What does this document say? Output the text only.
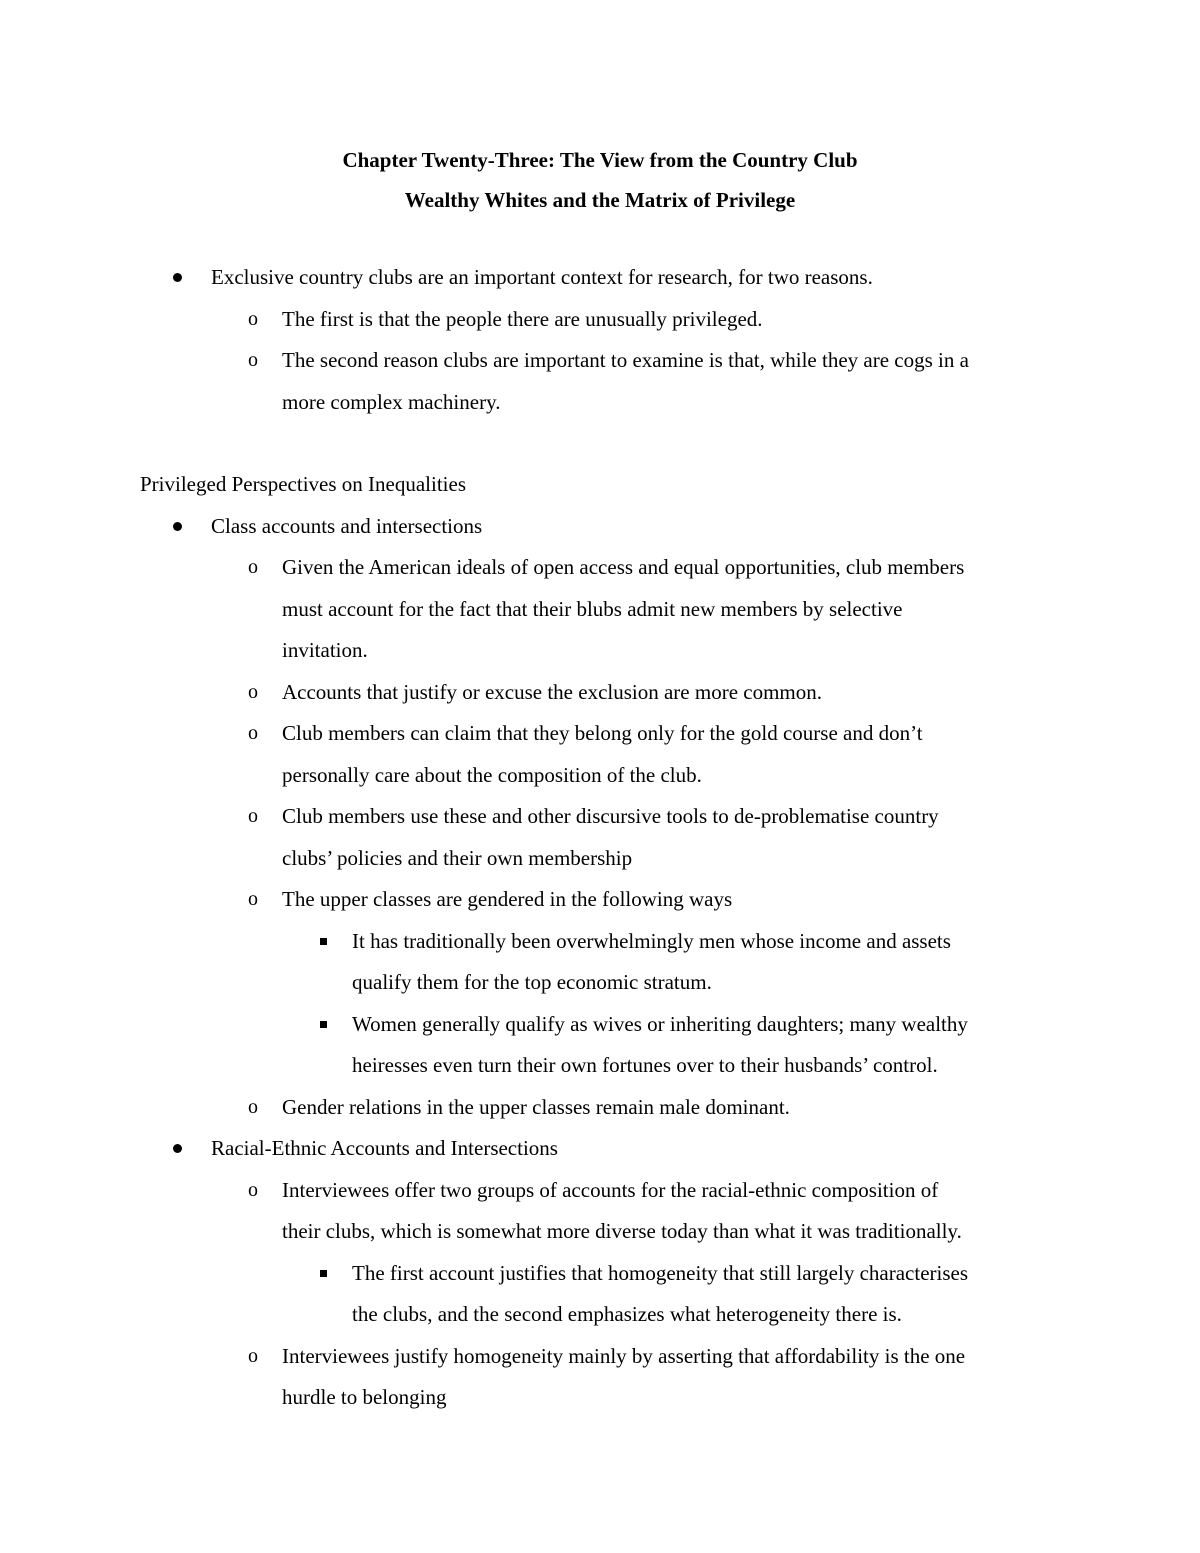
Chapter Twenty-Three: The View from the Country Club

Wealthy Whites and the Matrix of Privilege

Exclusive country clubs are an important context for research, for two reasons.
o The first is that the people there are unusually privileged.
o The second reason clubs are important to examine is that, while they are cogs in a
more complex machinery.
Privileged Perspectives on Inequalities
Class accounts and intersections
o Given the American ideals of open access and equal opportunities, club members
must account for the fact that their blubs admit new members by selective
invitation.
o Accounts that justify or excuse the exclusion are more common.
o Club members can claim that they belong only for the gold course and don’t
personally care about the composition of the club.
o Club members use these and other discursive tools to de-problematise country
clubs’ policies and their own membership
o The upper classes are gendered in the following ways
It has traditionally been overwhelmingly men whose income and assets
qualify them for the top economic stratum.
Women generally qualify as wives or inheriting daughters; many wealthy
heiresses even turn their own fortunes over to their husbands’ control.
o Gender relations in the upper classes remain male dominant.
Racial-Ethnic Accounts and Intersections
o Interviewees offer two groups of accounts for the racial-ethnic composition of
their clubs, which is somewhat more diverse today than what it was traditionally.
The first account justifies that homogeneity that still largely characterises
the clubs, and the second emphasizes what heterogeneity there is.
o Interviewees justify homogeneity mainly by asserting that affordability is the one
hurdle to belonging
